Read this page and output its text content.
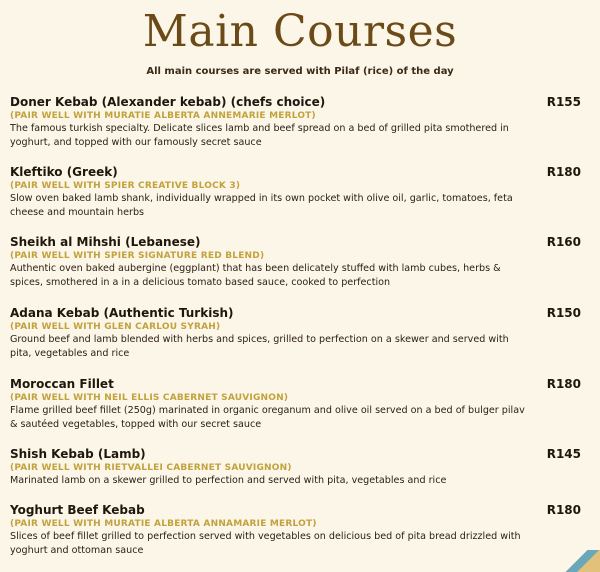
Main Courses
All main courses are served with Pilaf (rice) of the day
Doner Kebab (Alexander kebab) (chefs choice)	R155
(PAIR WELL WITH MURATIE ALBERTA ANNEMARIE MERLOT)
The famous turkish specialty. Delicate slices lamb and beef spread on a bed of grilled pita smothered in yoghurt, and topped with our famously secret sauce
Kleftiko (Greek)	R180
(PAIR WELL WITH SPIER CREATIVE BLOCK 3)
Slow oven baked lamb shank, individually wrapped in its own pocket with olive oil, garlic, tomatoes, feta cheese and mountain herbs
Sheikh al Mihshi (Lebanese)	R160
(PAIR WELL WITH SPIER SIGNATURE RED BLEND)
Authentic oven baked aubergine (eggplant) that has been delicately stuffed with lamb cubes, herbs & spices, smothered in a in a delicious tomato based sauce, cooked to perfection
Adana Kebab (Authentic Turkish)	R150
(PAIR WELL WITH GLEN CARLOU SYRAH)
Ground beef and lamb blended with herbs and spices, grilled to perfection on a skewer and served with pita, vegetables and rice
Moroccan Fillet	R180
(PAIR WELL WITH NEIL ELLIS CABERNET SAUVIGNON)
Flame grilled beef fillet (250g) marinated in organic oreganum and olive oil served on a bed of bulger pilav & sautéed vegetables, topped with our secret sauce
Shish Kebab (Lamb)	R145
(PAIR WELL WITH RIETVALLEI CABERNET SAUVIGNON)
Marinated lamb on a skewer grilled to perfection and served with pita, vegetables and rice
Yoghurt Beef Kebab	R180
(PAIR WELL WITH MURATIE ALBERTA ANNAMARIE MERLOT)
Slices of beef fillet grilled to perfection served with vegetables on delicious bed of pita bread drizzled with yoghurt and ottoman sauce
